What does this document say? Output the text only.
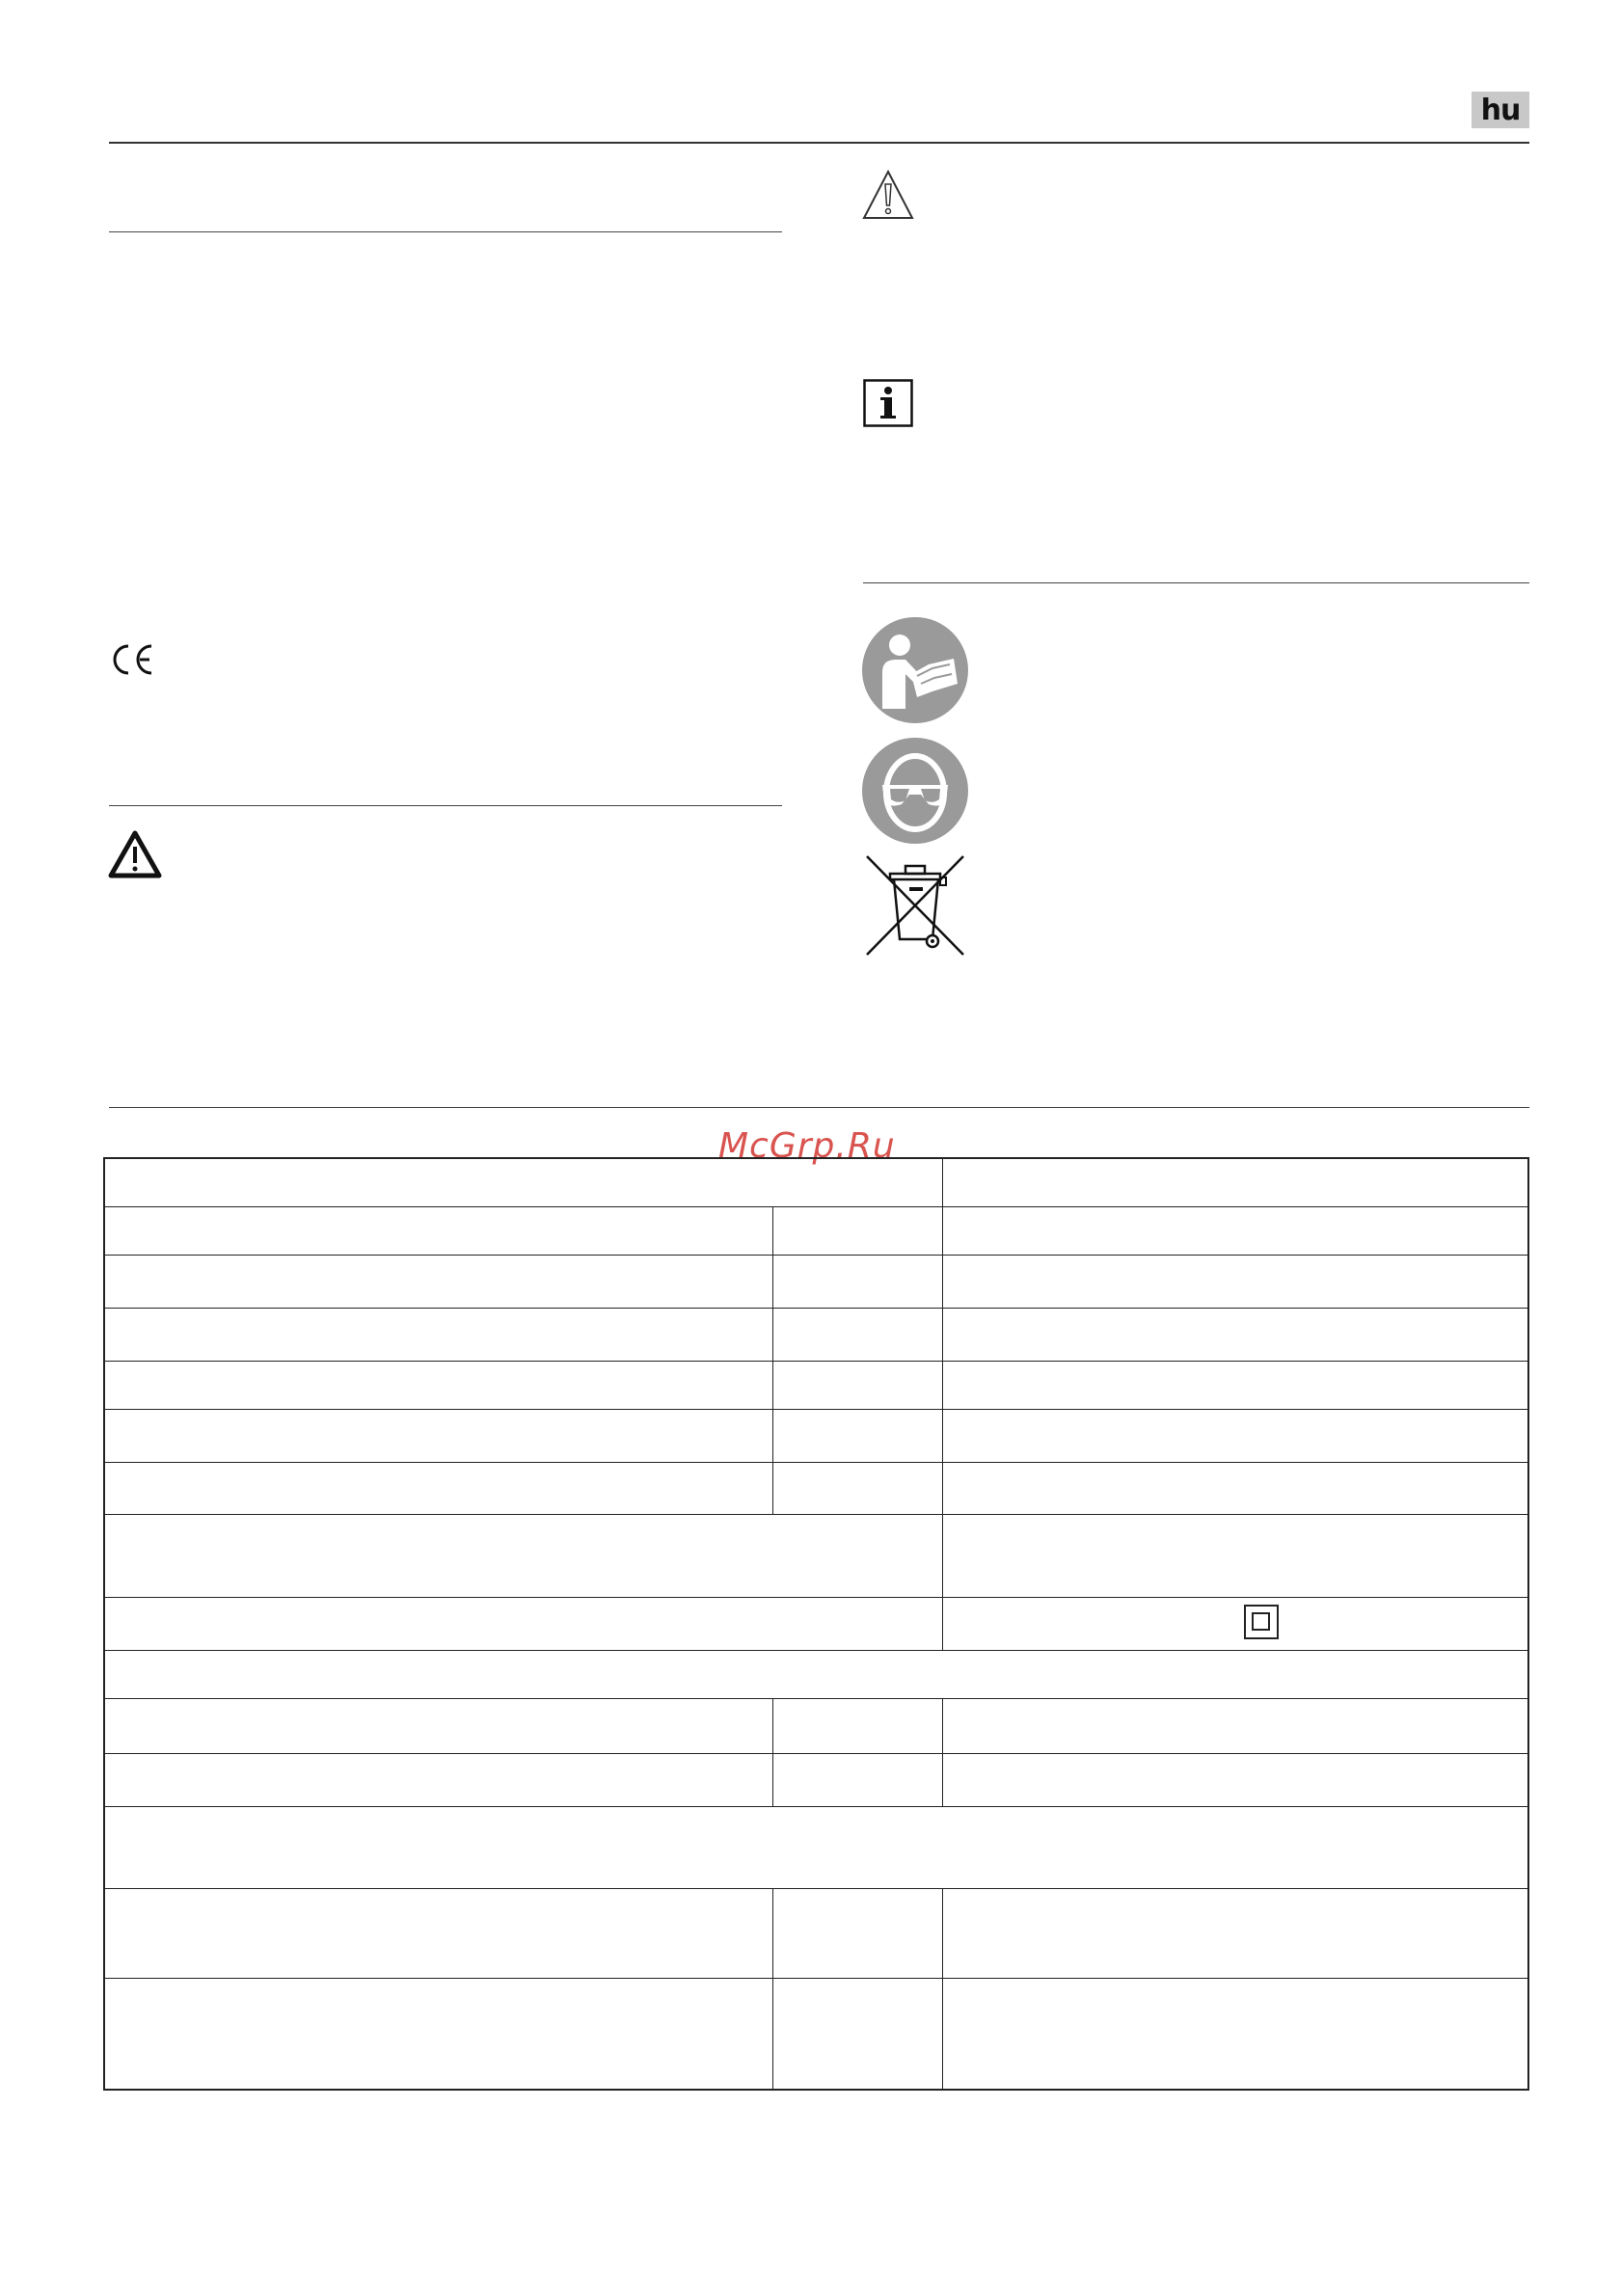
hu
McGrp.Ru
